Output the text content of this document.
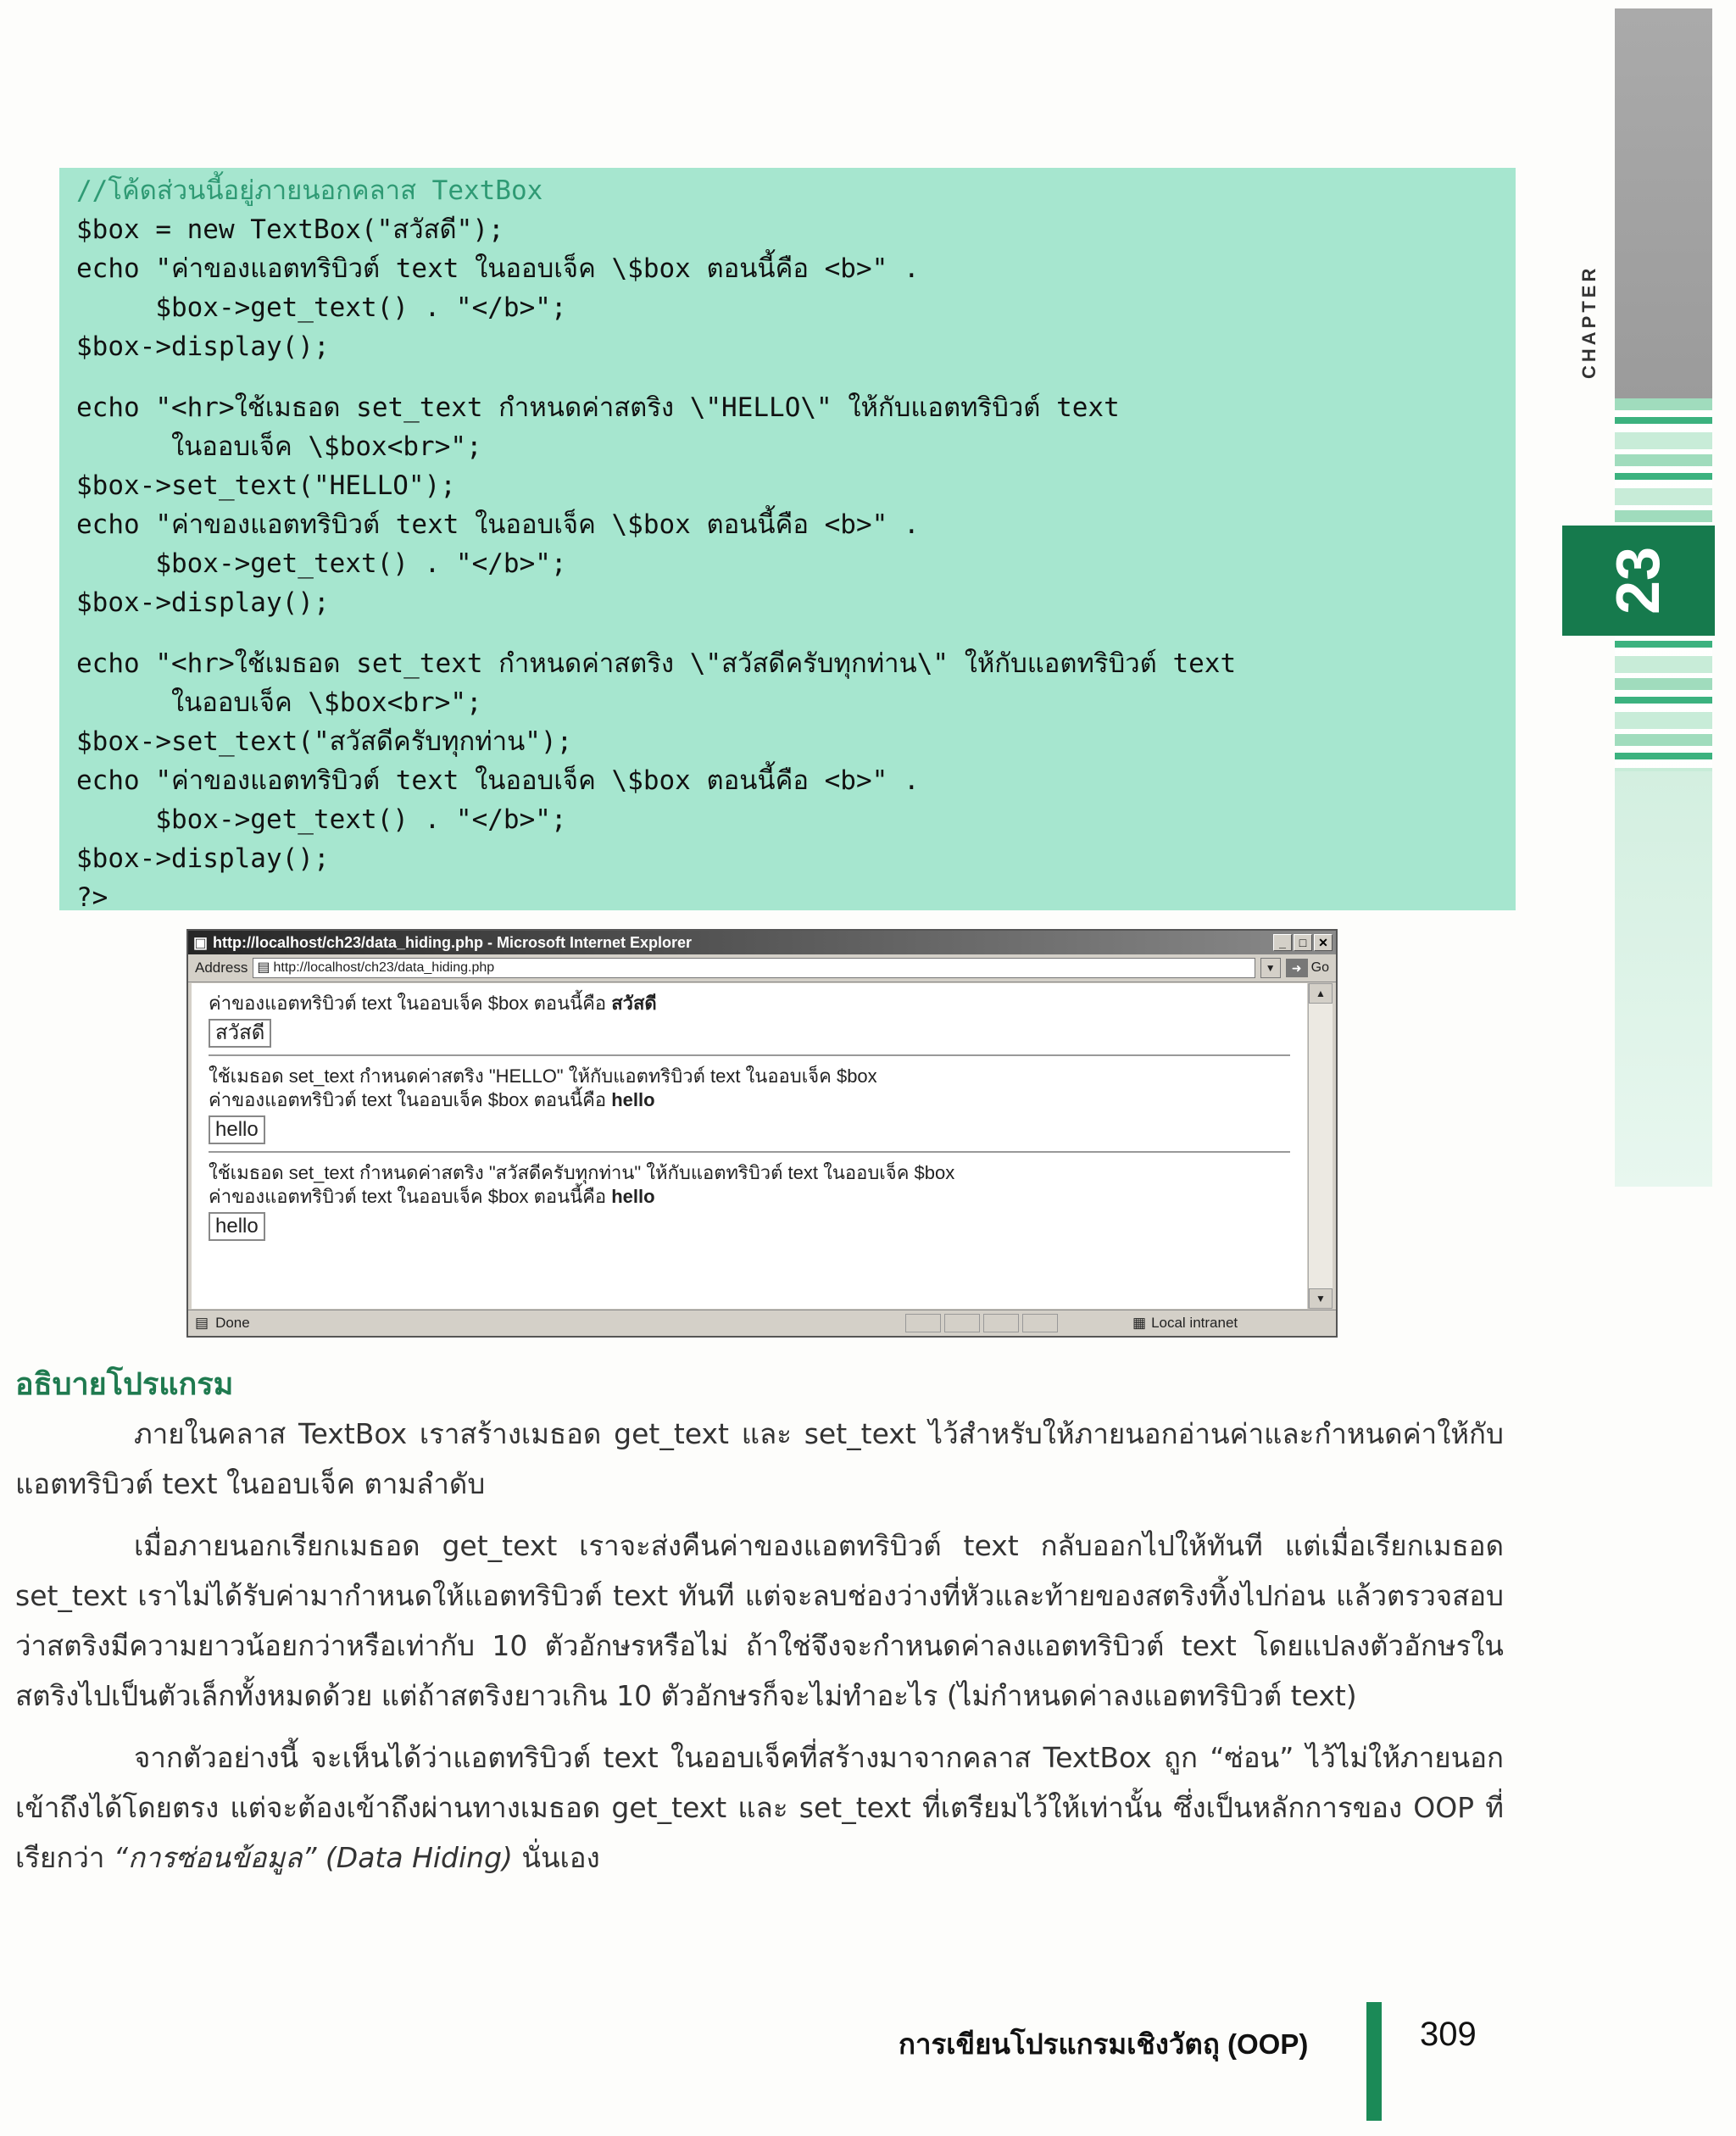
CHAPTER
23
//โค้ดส่วนนี้อยู่ภายนอกคลาส TextBox
$box = new TextBox("สวัสดี");
echo "ค่าของแอตทริบิวต์ text ในออบเจ็ค \$box ตอนนี้คือ <b>" .
$box->get_text() . "</b>";
$box->display();
echo "<hr>ใช้เมธอด set_text กำหนดค่าสตริง \"HELLO\" ให้กับแอตทริบิวต์ text
ในออบเจ็ค \$box<br>";
$box->set_text("HELLO");
echo "ค่าของแอตทริบิวต์ text ในออบเจ็ค \$box ตอนนี้คือ <b>" .
$box->get_text() . "</b>";
$box->display();
echo "<hr>ใช้เมธอด set_text กำหนดค่าสตริง \"สวัสดีครับทุกท่าน\" ให้กับแอตทริบิวต์ text
ในออบเจ็ค \$box<br>";
$box->set_text("สวัสดีครับทุกท่าน");
echo "ค่าของแอตทริบิวต์ text ในออบเจ็ค \$box ตอนนี้คือ <b>" .
$box->get_text() . "</b>";
$box->display();
?>
▣ http://localhost/ch23/data_hiding.php - Microsoft Internet Explorer	_	□ ✕
Address ▤ http://localhost/ch23/data_hiding.php	▼	➜ Go

ค่าของแอตทริบิวต์ text ในออบเจ็ค $box ตอนนี้คือ สวัสดี

สวัสดี

ใช้เมธอด set_text กำหนดค่าสตริง "HELLO" ให้กับแอตทริบิวต์ text ในออบเจ็ค $box

ค่าของแอตทริบิวต์ text ในออบเจ็ค $box ตอนนี้คือ hello

hello

ใช้เมธอด set_text กำหนดค่าสตริง "สวัสดีครับทุกท่าน" ให้กับแอตทริบิวต์ text ในออบเจ็ค $box

ค่าของแอตทริบิวต์ text ในออบเจ็ค $box ตอนนี้คือ hello

hello
▲
▼
▤ Done	▦ Local intranet
อธิบายโปรแกรม

ภายในคลาส TextBox เราสร้างเมธอด get_text และ set_text ไว้สำหรับให้ภายนอกอ่านค่าและกำหนดค่าให้กับแอตทริบิวต์ text ในออบเจ็ค ตามลำดับ

เมื่อภายนอกเรียกเมธอด get_text เราจะส่งคืนค่าของแอตทริบิวต์ text กลับออกไปให้ทันที แต่เมื่อเรียกเมธอด set_text เราไม่ได้รับค่ามากำหนดให้แอตทริบิวต์ text ทันที แต่จะลบช่องว่างที่หัวและท้ายของสตริงทิ้งไปก่อน แล้วตรวจสอบว่าสตริงมีความยาวน้อยกว่าหรือเท่ากับ 10 ตัวอักษรหรือไม่ ถ้าใช่จึงจะกำหนดค่าลงแอตทริบิวต์ text โดยแปลงตัวอักษรในสตริงไปเป็นตัวเล็กทั้งหมดด้วย แต่ถ้าสตริงยาวเกิน 10 ตัวอักษรก็จะไม่ทำอะไร (ไม่กำหนดค่าลงแอตทริบิวต์ text)

จากตัวอย่างนี้ จะเห็นได้ว่าแอตทริบิวต์ text ในออบเจ็คที่สร้างมาจากคลาส TextBox ถูก “ซ่อน” ไว้ไม่ให้ภายนอกเข้าถึงได้โดยตรง แต่จะต้องเข้าถึงผ่านทางเมธอด get_text และ set_text ที่เตรียมไว้ให้เท่านั้น ซึ่งเป็นหลักการของ OOP ที่เรียกว่า “การซ่อนข้อมูล” (Data Hiding) นั่นเอง

การเขียนโปรแกรมเชิงวัตถุ (OOP)	309
